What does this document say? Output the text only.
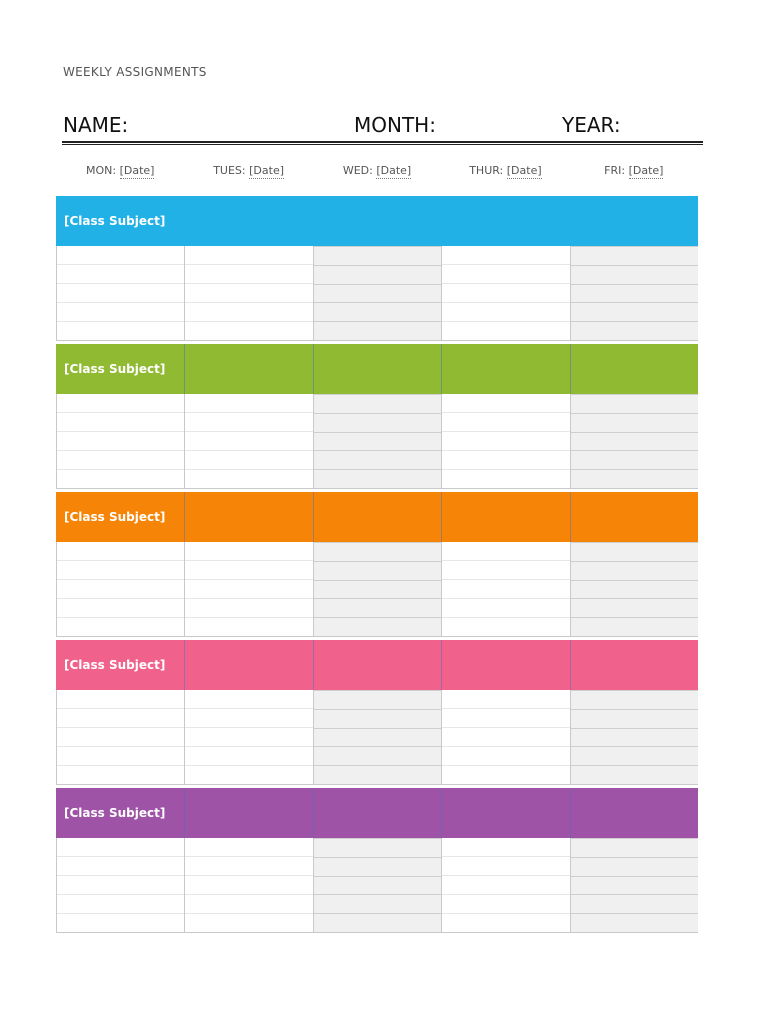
WEEKLY ASSIGNMENTS
NAME:	MONTH:	YEAR:
MON: [Date]	TUES: [Date]	WED: [Date]	THUR: [Date]	FRI: [Date]
[Class Subject]
[Class Subject]
[Class Subject]
[Class Subject]
[Class Subject]
